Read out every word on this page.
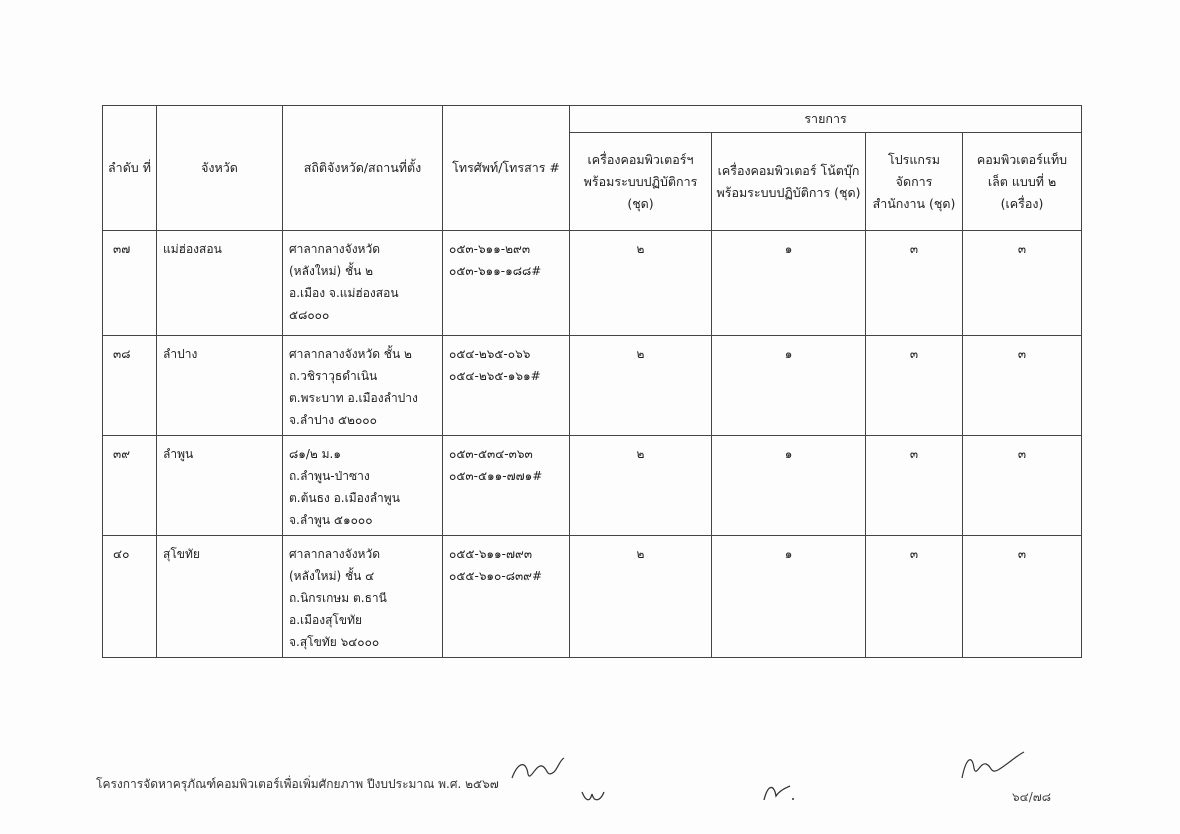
ลำดับ ที่	จังหวัด	สถิติจังหวัด/สถานที่ตั้ง	โทรศัพท์/โทรสาร #	รายการ			
				เครื่องคอมพิวเตอร์ฯ พร้อมระบบปฏิบัติการ (ชุด)	เครื่องคอมพิวเตอร์ โน้ตบุ๊ก พร้อมระบบปฏิบัติการ (ชุด)	โปรแกรมจัดการ สำนักงาน (ชุด)	คอมพิวเตอร์แท็บ เล็ต แบบที่ ๒ (เครื่อง)
๓๗	แม่ฮ่องสอน	ศาลากลางจังหวัด
(หลังใหม่) ชั้น ๒
อ.เมือง จ.แม่ฮ่องสอน
๕๘๐๐๐	๐๕๓-๖๑๑-๒๙๓
๐๕๓-๖๑๑-๑๘๘#	๒	๑	๓	๓
๓๘	ลำปาง	ศาลากลางจังหวัด ชั้น ๒
ถ.วชิราวุธดำเนิน
ต.พระบาท อ.เมืองลำปาง
จ.ลำปาง ๕๒๐๐๐	๐๕๔-๒๖๕-๐๖๖
๐๕๔-๒๖๕-๑๖๑#	๒	๑	๓	๓
๓๙	ลำพูน	๘๑/๒ ม.๑
ถ.ลำพูน-ป่าซาง
ต.ต้นธง อ.เมืองลำพูน
จ.ลำพูน ๕๑๐๐๐	๐๕๓-๕๓๔-๓๖๓
๐๕๓-๕๑๑-๗๗๑#	๒	๑	๓	๓
๔๐	สุโขทัย	ศาลากลางจังหวัด
(หลังใหม่) ชั้น ๔
ถ.นิกรเกษม ต.ธานี
อ.เมืองสุโขทัย
จ.สุโขทัย ๖๔๐๐๐	๐๕๕-๖๑๑-๗๙๓
๐๕๕-๖๑๐-๘๓๙#	๒	๑	๓	๓
โครงการจัดหาครุภัณฑ์คอมพิวเตอร์เพื่อเพิ่มศักยภาพ ปีงบประมาณ พ.ศ. ๒๕๖๗
๖๔/๗๘
